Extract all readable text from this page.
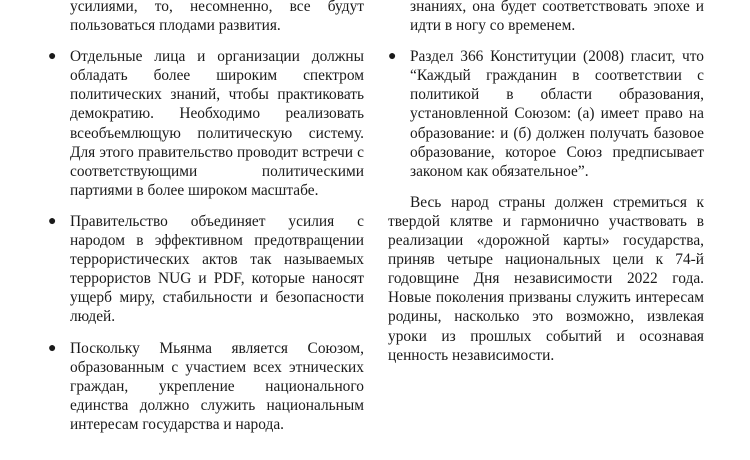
усилиями, то, несомненно, все будут пользоваться плодами развития.

● Отдельные лица и организации должны обладать более широким спектром политических знаний, чтобы практиковать демократию. Необходимо реализовать всеобъемлющую политическую систему. Для этого правительство проводит встречи с соответствующими политическими партиями в более широком масштабе.
● Правительство объединяет усилия с народом в эффективном предотвращении террористических актов так называемых террористов NUG и PDF, которые наносят ущерб миру, стабильности и безопасности людей.
● Поскольку Мьянма является Союзом, образованным с участием всех этнических граждан, укрепление национального единства должно служить национальным интересам государства и народа.

знаниях, она будет соответствовать эпохе и идти в ногу со временем.

● Раздел 366 Конституции (2008) гласит, что “Каждый гражданин в соответствии с политикой в области образования, установленной Союзом: (а) имеет право на образование: и (б) должен получать базовое образование, которое Союз предписывает законом как обязательное”.

Весь народ страны должен стремиться к твердой клятве и гармонично участвовать в реализации «дорожной карты» государства, приняв четыре национальных цели к 74-й годовщине Дня независимости 2022 года. Новые поколения призваны служить интересам родины, насколько это возможно, извлекая уроки из прошлых событий и осознавая ценность независимости.
